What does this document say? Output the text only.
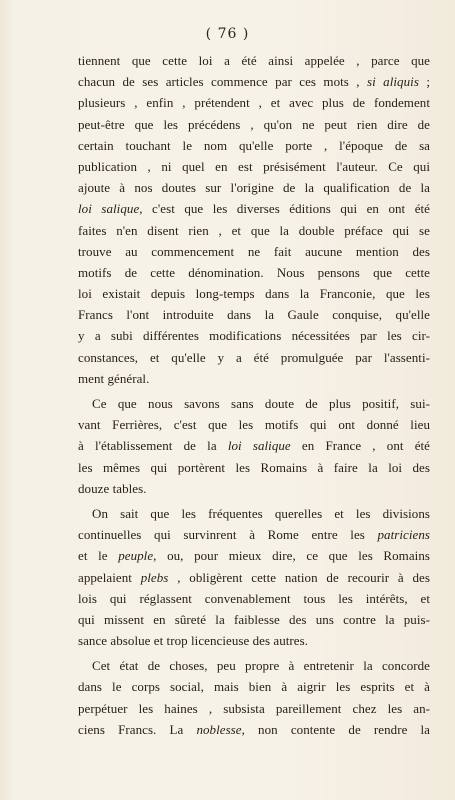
( 76 )
tiennent que cette loi a été ainsi appelée , parce que
chacun de ses articles commence par ces mots , si aliquis ;
plusieurs , enfin , prétendent , et avec plus de fondement
peut-être que les précédens , qu'on ne peut rien dire de
certain touchant le nom qu'elle porte , l'époque de sa
publication , ni quel en est présisément l'auteur. Ce qui
ajoute à nos doutes sur l'origine de la qualification de la
loi salique, c'est que les diverses éditions qui en ont été
faites n'en disent rien , et que la double préface qui se
trouve au commencement ne fait aucune mention des
motifs de cette dénomination. Nous pensons que cette
loi existait depuis long-temps dans la Franconie, que les
Francs l'ont introduite dans la Gaule conquise, qu'elle
y a subi différentes modifications nécessitées par les cir-
constances, et qu'elle y a été promulguée par l'assenti-
ment général.
Ce que nous savons sans doute de plus positif, sui-
vant Ferrières, c'est que les motifs qui ont donné lieu
à l'établissement de la loi salique en France , ont été
les mêmes qui portèrent les Romains à faire la loi des
douze tables.
On sait que les fréquentes querelles et les divisions
continuelles qui survinrent à Rome entre les patriciens
et le peuple, ou, pour mieux dire, ce que les Romains
appelaient plebs , obligèrent cette nation de recourir à des
lois qui réglassent convenablement tous les intérêts, et
qui missent en sûreté la faiblesse des uns contre la puis-
sance absolue et trop licencieuse des autres.
Cet état de choses, peu propre à entretenir la concorde
dans le corps social, mais bien à aigrir les esprits et à
perpétuer les haines , subsista pareillement chez les an-
ciens Francs. La noblesse, non contente de rendre la
